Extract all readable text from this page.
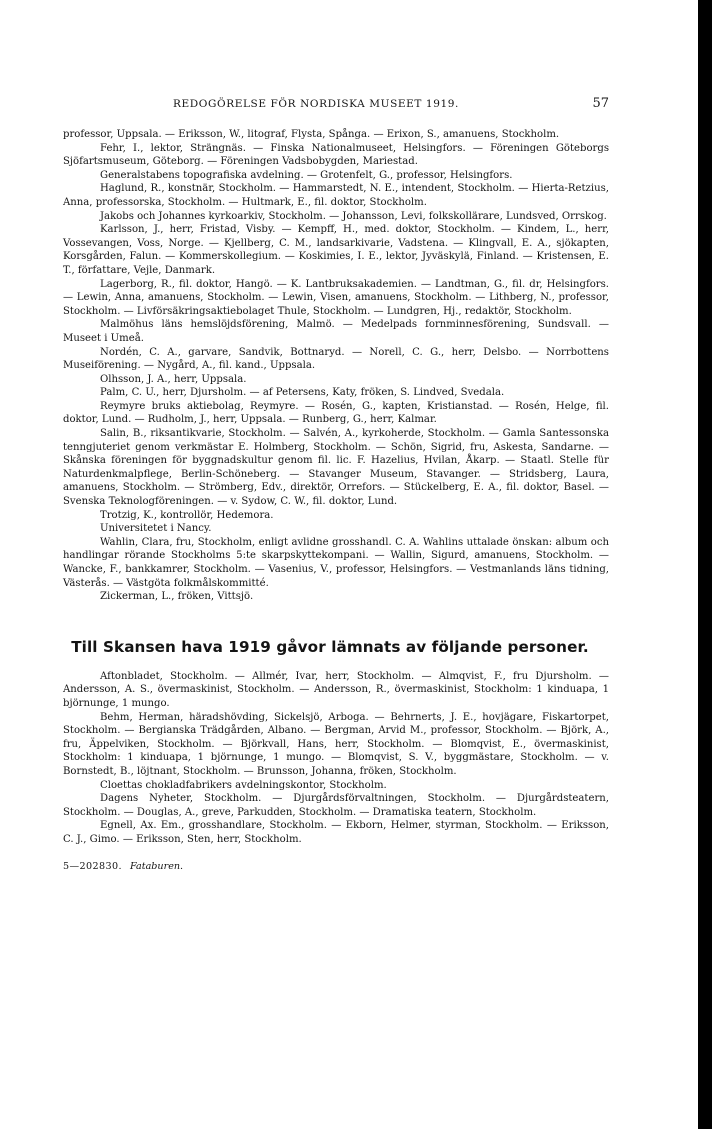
REDOGÖRELSE FÖR NORDISKA MUSEET 1919.	57

professor, Uppsala. — Eriksson, W., litograf, Flysta, Spånga. — Erixon, S., amanuens, Stockholm.

Fehr, I., lektor, Strängnäs. — Finska Nationalmuseet, Helsingfors. — Föreningen Göteborgs Sjöfartsmuseum, Göteborg. — Föreningen Vadsbobygden, Mariestad.

Generalstabens topografiska avdelning. — Grotenfelt, G., professor, Helsingfors.

Haglund, R., konstnär, Stockholm. — Hammarstedt, N. E., intendent, Stockholm. — Hierta-Retzius, Anna, professorska, Stockholm. — Hultmark, E., fil. doktor, Stockholm.

Jakobs och Johannes kyrkoarkiv, Stockholm. — Johansson, Levi, folkskollärare, Lundsved, Orrskog.

Karlsson, J., herr, Fristad, Visby. — Kempff, H., med. doktor, Stockholm. — Kindem, L., herr, Vossevangen, Voss, Norge. — Kjellberg, C. M., landsarkivarie, Vadstena. — Klingvall, E. A., sjökapten, Korsgården, Falun. — Kommerskollegium. — Koskimies, I. E., lektor, Jyväskylä, Finland. — Kristensen, E. T., författare, Vejle, Danmark.

Lagerborg, R., fil. doktor, Hangö. — K. Lantbruksakademien. — Landtman, G., fil. dr, Helsingfors. — Lewin, Anna, amanuens, Stockholm. — Lewin, Visen, amanuens, Stockholm. — Lithberg, N., professor, Stockholm. — Livförsäkringsaktiebolaget Thule, Stockholm. — Lundgren, Hj., redaktör, Stockholm.

Malmöhus läns hemslöjdsförening, Malmö. — Medelpads fornminnesförening, Sundsvall. — Museet i Umeå.

Nordén, C. A., garvare, Sandvik, Bottnaryd. — Norell, C. G., herr, Delsbo. — Norrbottens Museiförening. — Nygård, A., fil. kand., Uppsala.

Olhsson, J. A., herr, Uppsala.

Palm, C. U., herr, Djursholm. — af Petersens, Katy, fröken, S. Lindved, Svedala.

Reymyre bruks aktiebolag, Reymyre. — Rosén, G., kapten, Kristianstad. — Rosén, Helge, fil. doktor, Lund. — Rudholm, J., herr, Uppsala. — Runberg, G., herr, Kalmar.

Salin, B., riksantikvarie, Stockholm. — Salvén, A., kyrkoherde, Stockholm. — Gamla Santessonska tenngjuteriet genom verkmästar E. Holmberg, Stockholm. — Schön, Sigrid, fru, Askesta, Sandarne. — Skånska föreningen för byggnadskultur genom fil. lic. F. Hazelius, Hvilan, Åkarp. — Staatl. Stelle für Naturdenkmalpflege, Berlin-Schöneberg. — Stavanger Museum, Stavanger. — Stridsberg, Laura, amanuens, Stockholm. — Strömberg, Edv., direktör, Orrefors. — Stückelberg, E. A., fil. doktor, Basel. — Svenska Teknologföreningen. — v. Sydow, C. W., fil. doktor, Lund.

Trotzig, K., kontrollör, Hedemora.

Universitetet i Nancy.

Wahlin, Clara, fru, Stockholm, enligt avlidne grosshandl. C. A. Wahlins uttalade önskan: album och handlingar rörande Stockholms 5:te skarpskyttekompani. — Wallin, Sigurd, amanuens, Stockholm. — Wancke, F., bankkamrer, Stockholm. — Vasenius, V., professor, Helsingfors. — Vestmanlands läns tidning, Västerås. — Västgöta folkmålskommitté.

Zickerman, L., fröken, Vittsjö.

Till Skansen hava 1919 gåvor lämnats av följande personer.

Aftonbladet, Stockholm. — Allmér, Ivar, herr, Stockholm. — Almqvist, F., fru Djursholm. — Andersson, A. S., övermaskinist, Stockholm. — Andersson, R., övermaskinist, Stockholm: 1 kinduapa, 1 björnunge, 1 mungo.

Behm, Herman, häradshövding, Sickelsjö, Arboga. — Behrnerts, J. E., hovjägare, Fiskartorpet, Stockholm. — Bergianska Trädgården, Albano. — Bergman, Arvid M., professor, Stockholm. — Björk, A., fru, Äppelviken, Stockholm. — Björkvall, Hans, herr, Stockholm. — Blomqvist, E., övermaskinist, Stockholm: 1 kinduapa, 1 björnunge, 1 mungo. — Blomqvist, S. V., byggmästare, Stockholm. — v. Bornstedt, B., löjtnant, Stockholm. — Brunsson, Johanna, fröken, Stockholm.

Cloettas chokladfabrikers avdelningskontor, Stockholm.

Dagens Nyheter, Stockholm. — Djurgårdsförvaltningen, Stockholm. — Djurgårdsteatern, Stockholm. — Douglas, A., greve, Parkudden, Stockholm. — Dramatiska teatern, Stockholm.

Egnell, Ax. Em., grosshandlare, Stockholm. — Ekborn, Helmer, styrman, Stockholm. — Eriksson, C. J., Gimo. — Eriksson, Sten, herr, Stockholm.

5—202830. Fataburen.
